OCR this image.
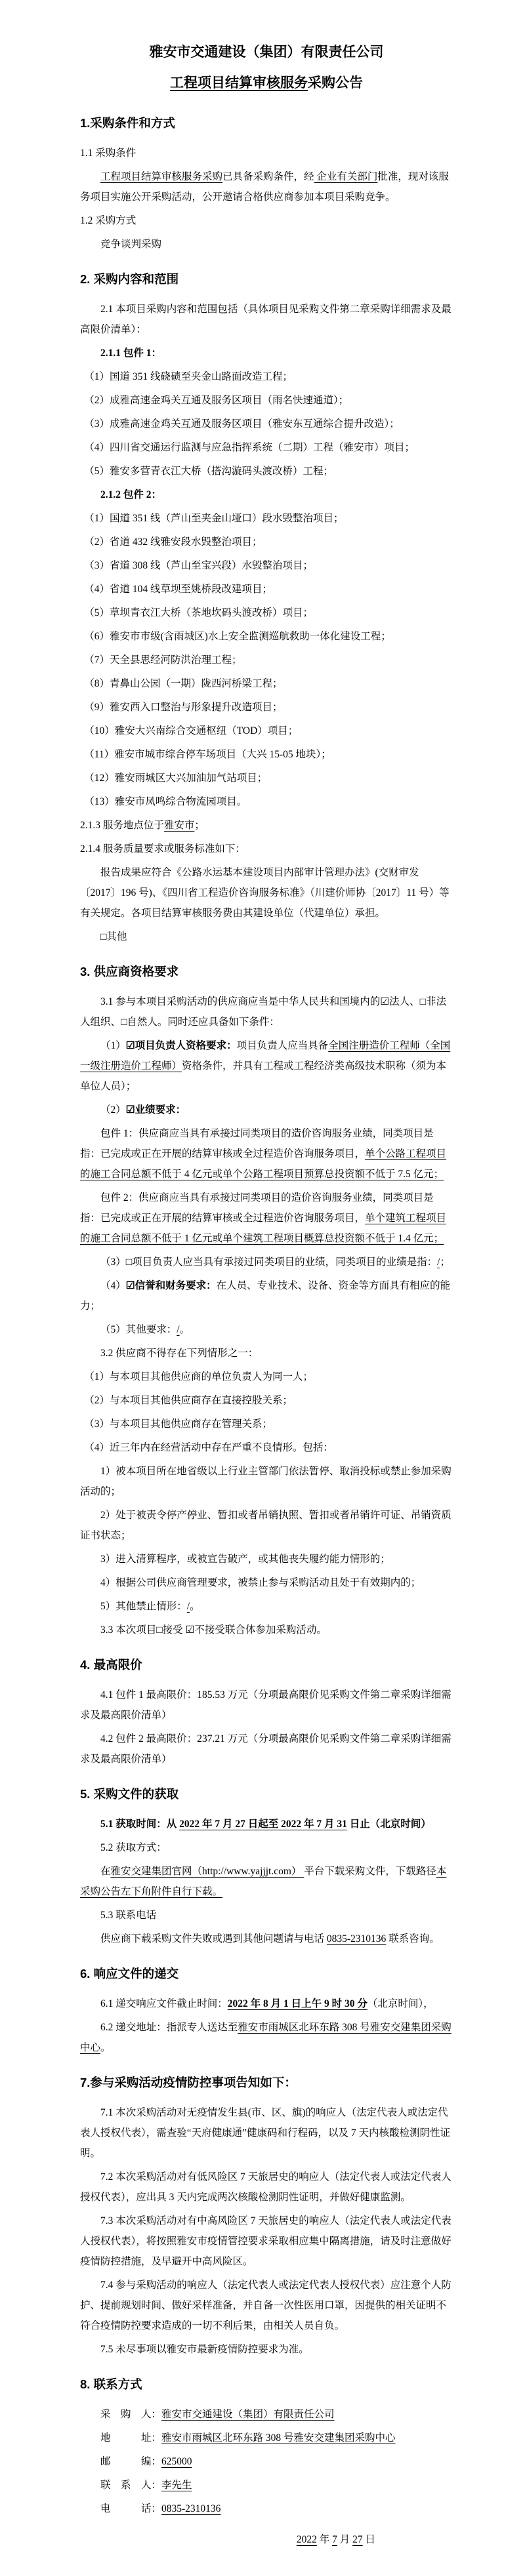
雅安市交通建设（集团）有限责任公司
工程项目结算审核服务采购公告
1.采购条件和方式
1.1 采购条件
工程项目结算审核服务采购已具备采购条件，经 企业有关部门批准，现对该服务项目实施公开采购活动，公开邀请合格供应商参加本项目采购竞争。
1.2 采购方式
竞争谈判采购
2. 采购内容和范围
2.1 本项目采购内容和范围包括（具体项目见采购文件第二章采购详细需求及最高限价清单）：
2.1.1 包件 1：
（1）国道 351 线硗碛至夹金山路面改造工程；
（2）成雅高速金鸡关互通及服务区项目（雨名快速通道）；
（3）成雅高速金鸡关互通及服务区项目（雅安东互通综合提升改造）；
（4）四川省交通运行监测与应急指挥系统（二期）工程（雅安市）项目；
（5）雅安多营青衣江大桥（搭沟漩码头渡改桥）工程；
2.1.2 包件 2：
（1）国道 351 线（芦山至夹金山垭口）段水毁整治项目；
（2）省道 432 线雅安段水毁整治项目；
（3）省道 308 线（芦山至宝兴段）水毁整治项目；
（4）省道 104 线草坝至姚桥段改建项目；
（5）草坝青衣江大桥（茶地坎码头渡改桥）项目；
（6）雅安市市级(含雨城区)水上安全监测巡航救助一体化建设工程；
（7）天全县思经河防洪治理工程；
（8）青鼻山公园（一期）陇西河桥梁工程；
（9）雅安西入口整治与形象提升改造项目；
（10）雅安大兴南综合交通枢纽（TOD）项目；
（11）雅安市城市综合停车场项目（大兴 15-05 地块）；
（12）雅安雨城区大兴加油加气站项目；
（13）雅安市凤鸣综合物流园项目。
2.1.3 服务地点位于雅安市；
2.1.4 服务质量要求或服务标准如下：
报告成果应符合《公路水运基本建设项目内部审计管理办法》(交财审发〔2017〕196 号)、《四川省工程造价咨询服务标准》（川建价师协〔2017〕11 号）等有关规定。各项目结算审核服务费由其建设单位（代建单位）承担。
□其他
3. 供应商资格要求
3.1 参与本项目采购活动的供应商应当是中华人民共和国境内的☑法人、□非法人组织、□自然人。同时还应具备如下条件：
（1）☑项目负责人资格要求：项目负责人应当具备全国注册造价工程师（全国一级注册造价工程师）资格条件，并具有工程或工程经济类高级技术职称（须为本单位人员）；
（2）☑业绩要求：
包件 1：供应商应当具有承接过同类项目的造价咨询服务业绩，同类项目是指：已完成或正在开展的结算审核或全过程造价咨询服务项目，单个公路工程项目的施工合同总额不低于 4 亿元或单个公路工程项目预算总投资额不低于 7.5 亿元；
包件 2：供应商应当具有承接过同类项目的造价咨询服务业绩，同类项目是指：已完成或正在开展的结算审核或全过程造价咨询服务项目，单个建筑工程项目的施工合同总额不低于 1 亿元或单个建筑工程项目概算总投资额不低于 1.4 亿元；
（3）□项目负责人应当具有承接过同类项目的业绩，同类项目的业绩是指：/；
（4）☑信誉和财务要求：在人员、专业技术、设备、资金等方面具有相应的能力；
（5）其他要求：/。
3.2 供应商不得存在下列情形之一：
（1）与本项目其他供应商的单位负责人为同一人；
（2）与本项目其他供应商存在直接控股关系；
（3）与本项目其他供应商存在管理关系；
（4）近三年内在经营活动中存在严重不良情形。包括：
1）被本项目所在地省级以上行业主管部门依法暂停、取消投标或禁止参加采购活动的；
2）处于被责令停产停业、暂扣或者吊销执照、暂扣或者吊销许可证、吊销资质证书状态；
3）进入清算程序，或被宣告破产，或其他丧失履约能力情形的；
4）根据公司供应商管理要求，被禁止参与采购活动且处于有效期内的；
5）其他禁止情形：/。
3.3 本次项目□接受 ☑不接受联合体参加采购活动。
4. 最高限价
4.1 包件 1 最高限价：185.53 万元（分项最高限价见采购文件第二章采购详细需求及最高限价清单）
4.2 包件 2 最高限价：237.21 万元（分项最高限价见采购文件第二章采购详细需求及最高限价清单）
5. 采购文件的获取
5.1 获取时间：从 2022 年 7 月 27 日起至 2022 年 7 月 31 日止（北京时间）
5.2 获取方式：
在雅安交建集团官网（http://www.yajjjt.com） 平台下载采购文件，下载路径本采购公告左下角附件自行下载。
5.3 联系电话
供应商下载采购文件失败或遇到其他问题请与电话 0835-2310136 联系咨询。
6. 响应文件的递交
6.1 递交响应文件截止时间：2022 年 8 月 1 日上午 9 时 30 分（北京时间），
6.2 递交地址：指派专人送达至雅安市雨城区北环东路 308 号雅安交建集团采购中心。
7.参与采购活动疫情防控事项告知如下：
7.1 本次采购活动对无疫情发生县(市、区、旗)的响应人（法定代表人或法定代表人授权代表），需查验“天府健康通”健康码和行程码，以及 7 天内核酸检测阴性证明。
7.2 本次采购活动对有低风险区 7 天旅居史的响应人（法定代表人或法定代表人授权代表），应出具 3 天内完成两次核酸检测阴性证明，并做好健康监测。
7.3 本次采购活动对有中高风险区 7 天旅居史的响应人（法定代表人或法定代表人授权代表），将按照雅安市疫情管控要求采取相应集中隔离措施，请及时注意做好疫情防控措施，及早避开中高风险区。
7.4 参与采购活动的响应人（法定代表人或法定代表人授权代表）应注意个人防护、提前规划时间、做好采样准备，并自备一次性医用口罩，因提供的相关证明不符合疫情防控要求造成的一切不利后果，由相关人员自负。
7.5 未尽事项以雅安市最新疫情防控要求为准。
8. 联系方式
采　购　人：雅安市交通建设（集团）有限责任公司
地　　　址：雅安市雨城区北环东路 308 号雅安交建集团采购中心
邮　　　编：625000
联　系　人：李先生
电　　　话：0835-2310136
2022 年 7 月 27 日
